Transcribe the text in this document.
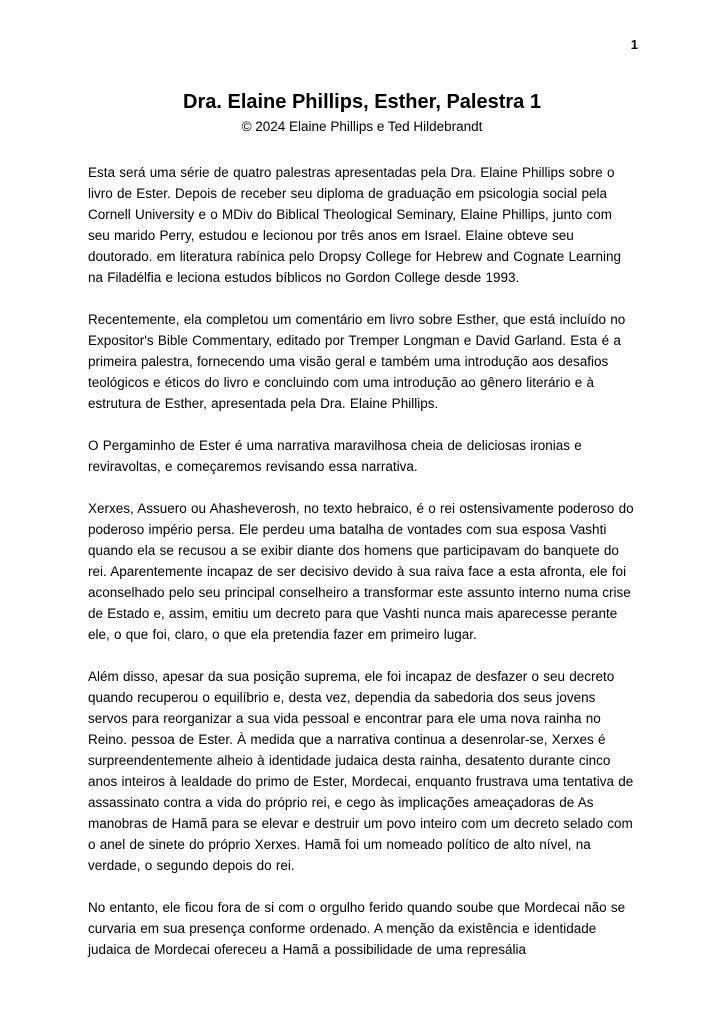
1
Dra. Elaine Phillips, Esther, Palestra 1
© 2024 Elaine Phillips e Ted Hildebrandt

Esta será uma série de quatro palestras apresentadas pela Dra. Elaine Phillips sobre o livro de Ester. Depois de receber seu diploma de graduação em psicologia social pela Cornell University e o MDiv do Biblical Theological Seminary, Elaine Phillips, junto com seu marido Perry, estudou e lecionou por três anos em Israel. Elaine obteve seu doutorado. em literatura rabínica pelo Dropsy College for Hebrew and Cognate Learning na Filadélfia e leciona estudos bíblicos no Gordon College desde 1993.

Recentemente, ela completou um comentário em livro sobre Esther, que está incluído no Expositor's Bible Commentary, editado por Tremper Longman e David Garland. Esta é a primeira palestra, fornecendo uma visão geral e também uma introdução aos desafios teológicos e éticos do livro e concluindo com uma introdução ao gênero literário e à estrutura de Esther, apresentada pela Dra. Elaine Phillips.

O Pergaminho de Ester é uma narrativa maravilhosa cheia de deliciosas ironias e reviravoltas, e começaremos revisando essa narrativa.

Xerxes, Assuero ou Ahasheverosh, no texto hebraico, é o rei ostensivamente poderoso do poderoso império persa. Ele perdeu uma batalha de vontades com sua esposa Vashti quando ela se recusou a se exibir diante dos homens que participavam do banquete do rei. Aparentemente incapaz de ser decisivo devido à sua raiva face a esta afronta, ele foi aconselhado pelo seu principal conselheiro a transformar este assunto interno numa crise de Estado e, assim, emitiu um decreto para que Vashti nunca mais aparecesse perante ele, o que foi, claro, o que ela pretendia fazer em primeiro lugar.

Além disso, apesar da sua posição suprema, ele foi incapaz de desfazer o seu decreto quando recuperou o equilíbrio e, desta vez, dependia da sabedoria dos seus jovens servos para reorganizar a sua vida pessoal e encontrar para ele uma nova rainha no Reino. pessoa de Ester. À medida que a narrativa continua a desenrolar-se, Xerxes é surpreendentemente alheio à identidade judaica desta rainha, desatento durante cinco anos inteiros à lealdade do primo de Ester, Mordecai, enquanto frustrava uma tentativa de assassinato contra a vida do próprio rei, e cego às implicações ameaçadoras de As manobras de Hamã para se elevar e destruir um povo inteiro com um decreto selado com o anel de sinete do próprio Xerxes. Hamã foi um nomeado político de alto nível, na verdade, o segundo depois do rei.

No entanto, ele ficou fora de si com o orgulho ferido quando soube que Mordecai não se curvaria em sua presença conforme ordenado. A menção da existência e identidade judaica de Mordecai ofereceu a Hamã a possibilidade de uma represália
